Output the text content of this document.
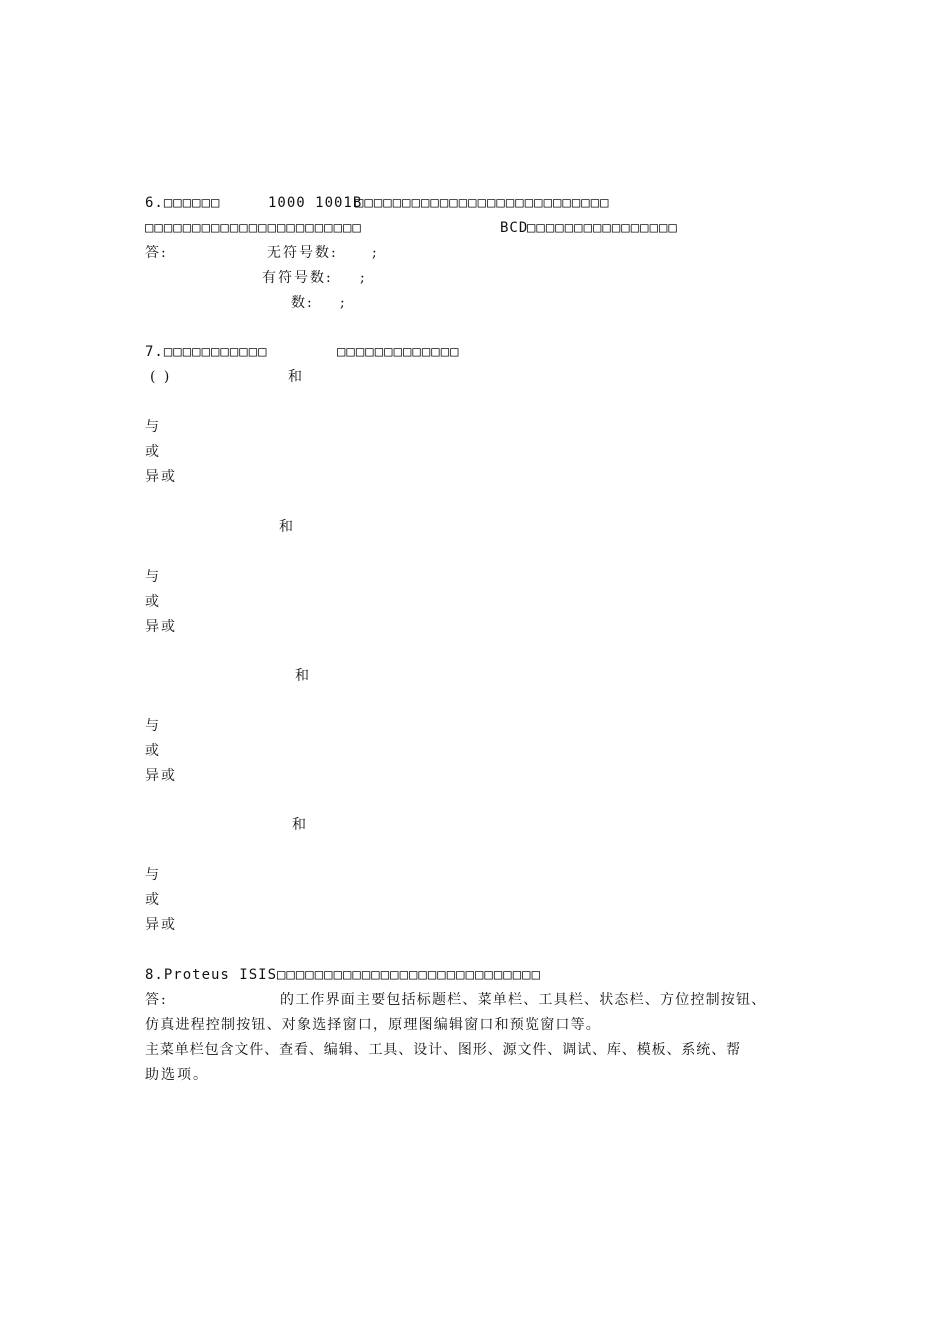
6.□□□□□□	1000 1001B
□□□□□□□□□□□□□□□□□□□□□□□□□□□
□□□□□□□□□□□□□□□□□□□□□□□	BCD
□□□□□□□□□□□□□□□□
答:	无符号数: ;
有符号数: ;
数: ;
7.□□□□□□□□□□□	□□□□□□□□□□□□□
( )	和
与
或
异或
和
与
或
异或
和
与
或
异或
和
与
或
异或
8.Proteus ISIS□□□□□□□□□□□□□□□□□□□□□□□□□□□□
答:	的工作界面主要包括标题栏、菜单栏、工具栏、状态栏、方位控制按钮、
仿真进程控制按钮、对象选择窗口，原理图编辑窗口和预览窗口等。
主菜单栏包含文件、查看、编辑、工具、设计、图形、源文件、调试、库、模板、系统、帮
助选项。
